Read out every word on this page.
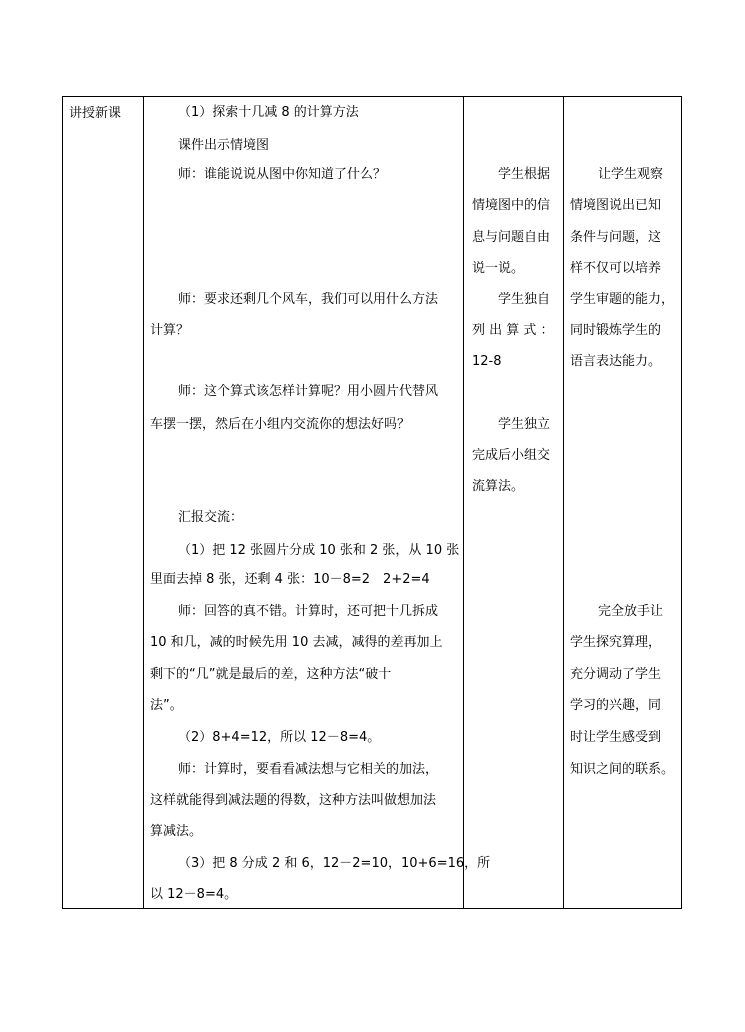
讲授新课	（1）探索十几减 8 的计算方法
课件出示情境图
师：谁能说说从图中你知道了什么？
师：要求还剩几个风车，我们可以用什么方法
计算？
师：这个算式该怎样计算呢？用小圆片代替风
车摆一摆，然后在小组内交流你的想法好吗？
汇报交流：
（1）把 12 张圆片分成 10 张和 2 张，从 10 张
里面去掉 8 张，还剩 4 张：10－8=2　2+2=4
师：回答的真不错。计算时，还可把十几拆成
10 和几，减的时候先用 10 去减，减得的差再加上
剩下的“几”就是最后的差，这种方法“破十
法”。
（2）8+4=12，所以 12－8=4。
师：计算时，要看看减法想与它相关的加法，
这样就能得到减法题的得数，这种方法叫做想加法
算减法。
（3）把 8 分成 2 和 6，12－2=10，10+6=16，所
以 12－8=4。
学生根据
情境图中的信
息与问题自由
说一说。
学生独自
列 出 算 式 ：
12-8
学生独立
完成后小组交
流算法。
让学生观察
情境图说出已知
条件与问题，这
样不仅可以培养
学生审题的能力，
同时锻炼学生的
语言表达能力。
完全放手让
学生探究算理，
充分调动了学生
学习的兴趣，同
时让学生感受到
知识之间的联系。
